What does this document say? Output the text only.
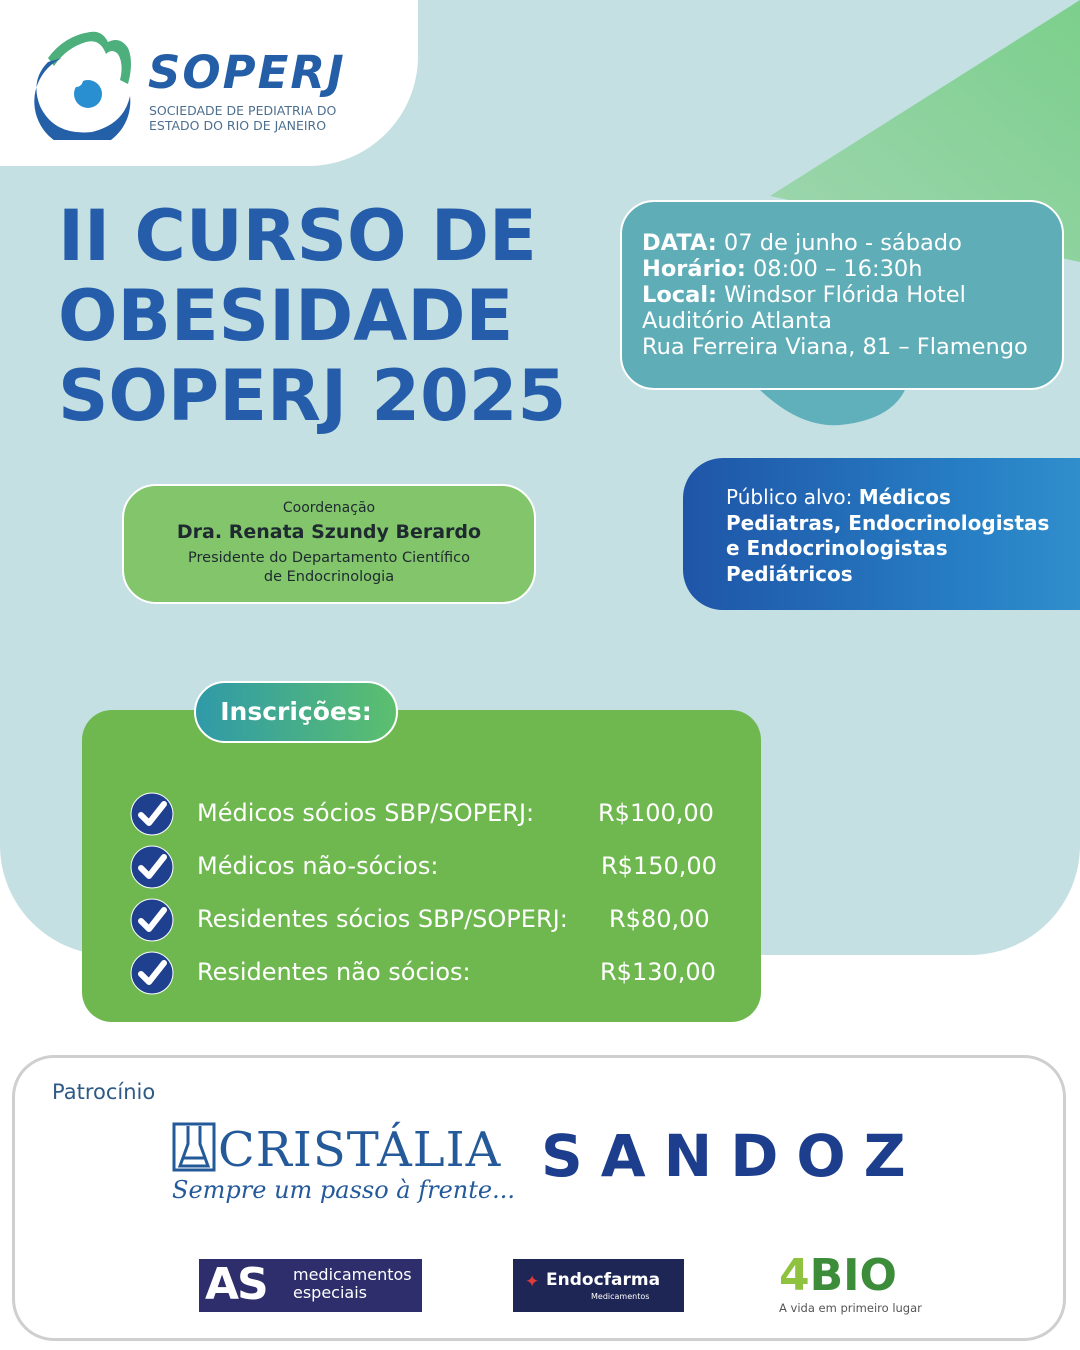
SOPERJ
SOCIEDADE DE PEDIATRIA DO
ESTADO DO RIO DE JANEIRO
II CURSO DE
OBESIDADE
SOPERJ 2025
DATA: 07 de junho - sábado
Horário: 08:00 – 16:30h
Local: Windsor Flórida Hotel
Auditório Atlanta
Rua Ferreira Viana, 81 – Flamengo
Coordenação
Dra. Renata Szundy Berardo
Presidente do Departamento Científico
de Endocrinologia
Público alvo: Médicos
Pediatras, Endocrinologistas
e Endocrinologistas
Pediátricos
Inscrições:
Médicos sócios SBP/SOPERJ:	R$100,00
Médicos não-sócios:	R$150,00
Residentes sócios SBP/SOPERJ: R$80,00
Residentes não sócios:	R$130,00
Patrocínio
CRISTÁLIA
Sempre um passo à frente... SANDOZ
AS medicamentos
especiais
✦ Endocfarma
Medicamentos	4BIO
A vida em primeiro lugar
